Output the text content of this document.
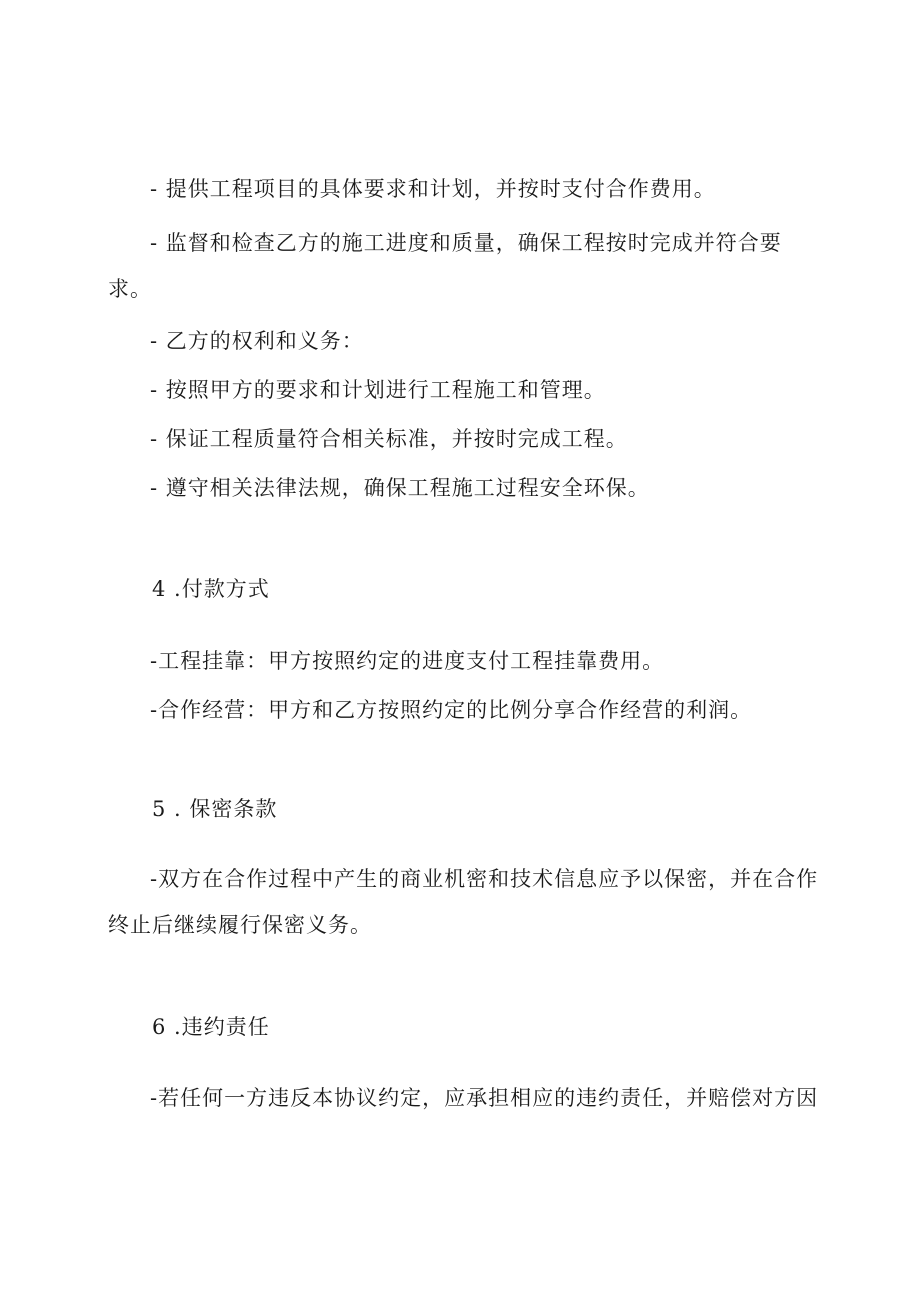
- 提供工程项目的具体要求和计划，并按时支付合作费用。
- 监督和检查乙方的施工进度和质量，确保工程按时完成并符合要
求。
- 乙方的权利和义务：
- 按照甲方的要求和计划进行工程施工和管理。
- 保证工程质量符合相关标准，并按时完成工程。
- 遵守相关法律法规，确保工程施工过程安全环保。
4 .付款方式
-工程挂靠：甲方按照约定的进度支付工程挂靠费用。
-合作经营：甲方和乙方按照约定的比例分享合作经营的利润。
5 . 保密条款
-双方在合作过程中产生的商业机密和技术信息应予以保密，并在合作
终止后继续履行保密义务。
6 .违约责任
-若任何一方违反本协议约定，应承担相应的违约责任，并赔偿对方因
